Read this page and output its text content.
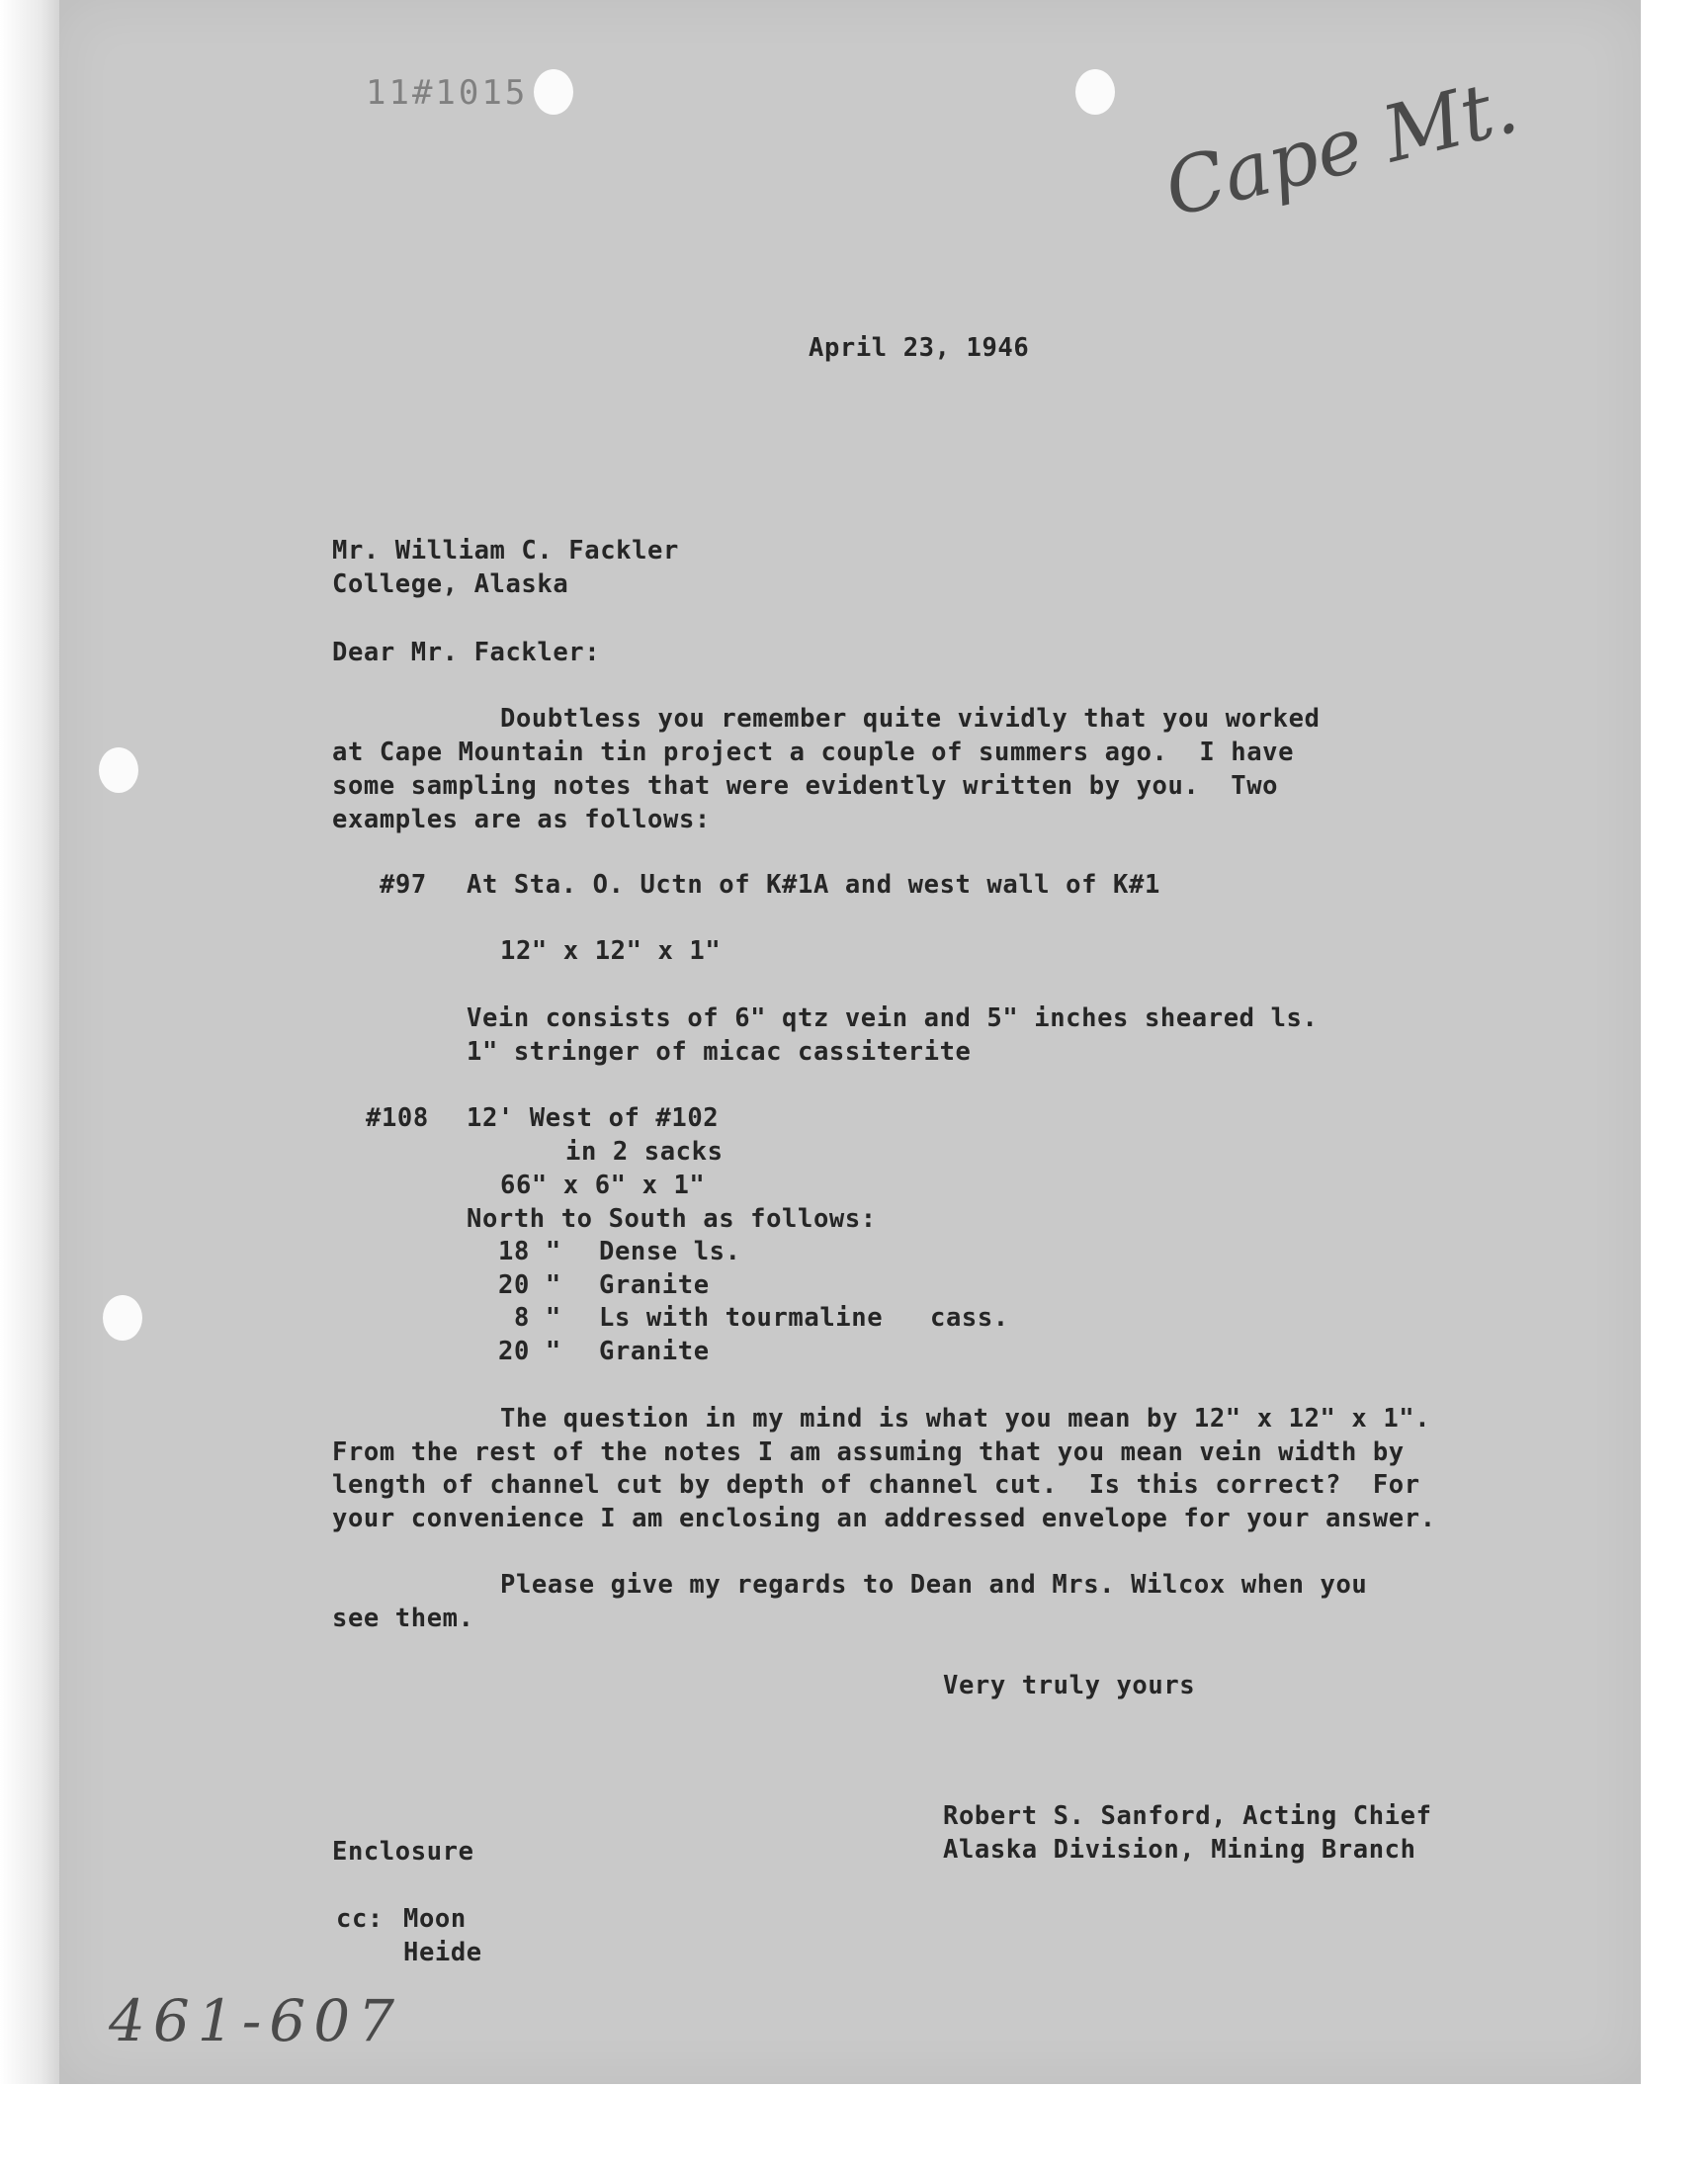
11#1015	Cape Mt.

461-607

April 23, 1946

Mr. William C. Fackler

College, Alaska

Dear Mr. Fackler:

Doubtless you remember quite vividly that you worked

at Cape Mountain tin project a couple of summers ago.  I have

some sampling notes that were evidently written by you.  Two

examples are as follows:

#97 At Sta. O. Uctn of K#1A and west wall of K#1

12" x 12" x 1"

Vein consists of 6" qtz vein and 5" inches sheared ls.

1" stringer of micac cassiterite

#108 12' West of #102

in 2 sacks

66" x 6" x 1"

North to South as follows:

18 " Dense ls.

20 " Granite

8 " Ls with tourmaline   cass.

20 " Granite

The question in my mind is what you mean by 12" x 12" x 1".

From the rest of the notes I am assuming that you mean vein width by

length of channel cut by depth of channel cut.  Is this correct?  For

your convenience I am enclosing an addressed envelope for your answer.

Please give my regards to Dean and Mrs. Wilcox when you

see them.

Very truly yours

Robert S. Sanford, Acting Chief

Alaska Division, Mining Branch

Enclosure

cc: Moon

Heide
